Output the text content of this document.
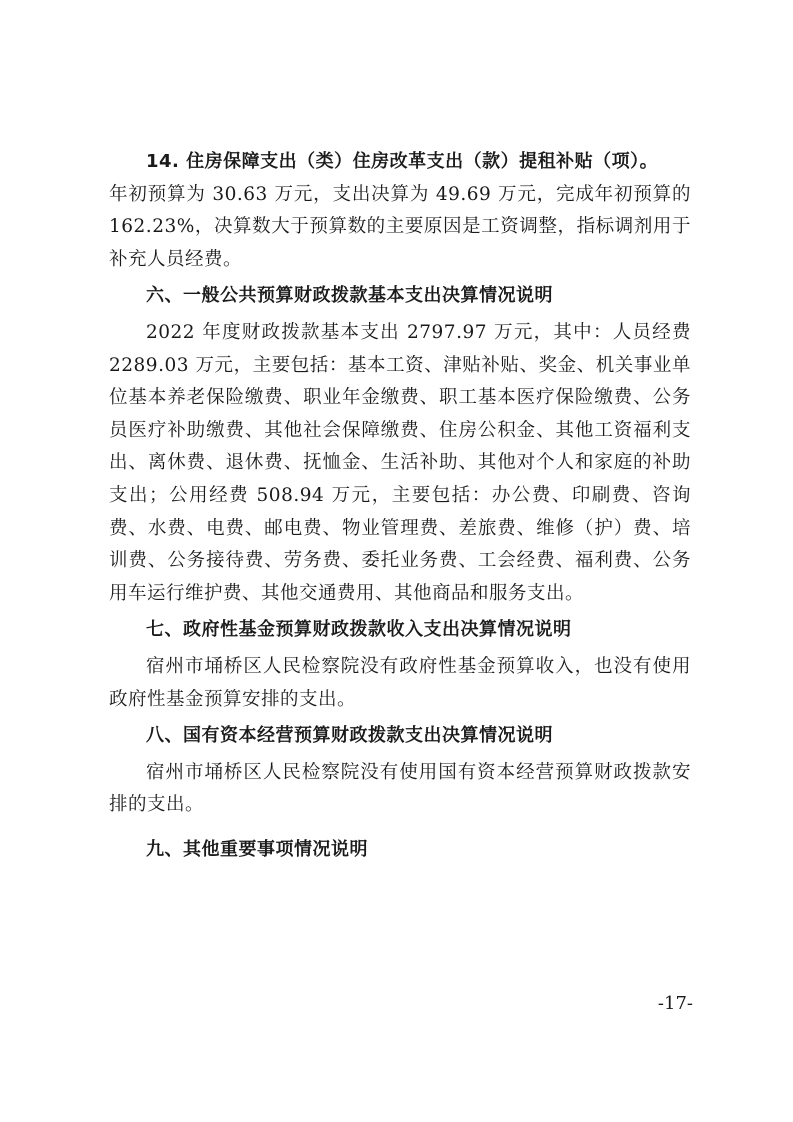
14. 住房保障支出（类）住房改革支出（款）提租补贴（项）。

年初预算为 30.63 万元，支出决算为 49.69 万元，完成年初预算的 162.23%，决算数大于预算数的主要原因是工资调整，指标调剂用于补充人员经费。

六、一般公共预算财政拨款基本支出决算情况说明

2022 年度财政拨款基本支出 2797.97 万元，其中：人员经费 2289.03 万元，主要包括：基本工资、津贴补贴、奖金、机关事业单位基本养老保险缴费、职业年金缴费、职工基本医疗保险缴费、公务员医疗补助缴费、其他社会保障缴费、住房公积金、其他工资福利支出、离休费、退休费、抚恤金、生活补助、其他对个人和家庭的补助支出；公用经费 508.94 万元，主要包括：办公费、印刷费、咨询费、水费、电费、邮电费、物业管理费、差旅费、维修（护）费、培训费、公务接待费、劳务费、委托业务费、工会经费、福利费、公务用车运行维护费、其他交通费用、其他商品和服务支出。

七、政府性基金预算财政拨款收入支出决算情况说明

宿州市埇桥区人民检察院没有政府性基金预算收入，也没有使用政府性基金预算安排的支出。

八、国有资本经营预算财政拨款支出决算情况说明

宿州市埇桥区人民检察院没有使用国有资本经营预算财政拨款安排的支出。

九、其他重要事项情况说明

-17-
